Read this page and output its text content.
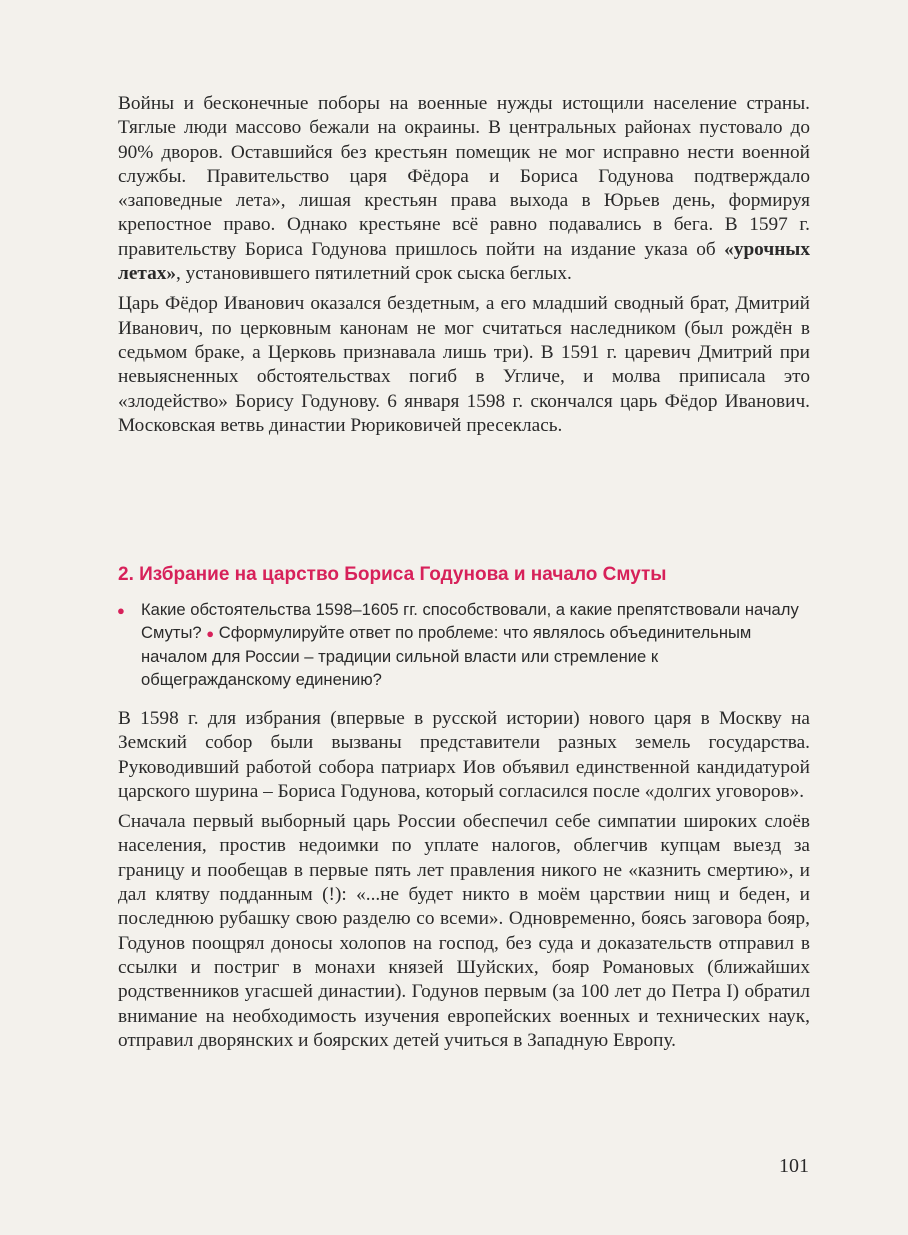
Войны и бесконечные поборы на военные нужды истощили население страны. Тяглые люди массово бежали на окраины. В центральных районах пустовало до 90% дворов. Оставшийся без крестьян помещик не мог исправно нести военной службы. Правительство царя Фёдора и Бориса Годунова подтверждало «заповедные лета», лишая крестьян права выхода в Юрьев день, формируя крепостное право. Однако крестьяне всё равно подавались в бега. В 1597 г. правительству Бориса Годунова пришлось пойти на издание указа об «урочных летах», установившего пятилетний срок сыска беглых.

Царь Фёдор Иванович оказался бездетным, а его младший сводный брат, Дмитрий Иванович, по церковным канонам не мог считаться наследником (был рождён в седьмом браке, а Церковь признавала лишь три). В 1591 г. царевич Дмитрий при невыясненных обстоятельствах погиб в Угличе, и молва приписала это «злодейство» Борису Годунову. 6 января 1598 г. скончался царь Фёдор Иванович. Московская ветвь династии Рюриковичей пресеклась.

2. Избрание на царство Бориса Годунова и начало Смуты
● Какие обстоятельства 1598–1605 гг. способствовали, а какие препятствовали началу Смуты? ● Сформулируйте ответ по проблеме: что являлось объединительным началом для России – традиции сильной власти или стремление к общегражданскому единению?

В 1598 г. для избрания (впервые в русской истории) нового царя в Москву на Земский собор были вызваны представители разных земель государства. Руководивший работой собора патриарх Иов объявил единственной кандидатурой царского шурина – Бориса Годунова, который согласился после «долгих уговоров».

Сначала первый выборный царь России обеспечил себе симпатии широких слоёв населения, простив недоимки по уплате налогов, облегчив купцам выезд за границу и пообещав в первые пять лет правления никого не «казнить смертию», и дал клятву подданным (!): «...не будет никто в моём царствии нищ и беден, и последнюю рубашку свою разделю со всеми». Одновременно, боясь заговора бояр, Годунов поощрял доносы холопов на господ, без суда и доказательств отправил в ссылки и постриг в монахи князей Шуйских, бояр Романовых (ближайших родственников угасшей династии). Годунов первым (за 100 лет до Петра I) обратил внимание на необходимость изучения европейских военных и технических наук, отправил дворянских и боярских детей учиться в Западную Европу.

101
